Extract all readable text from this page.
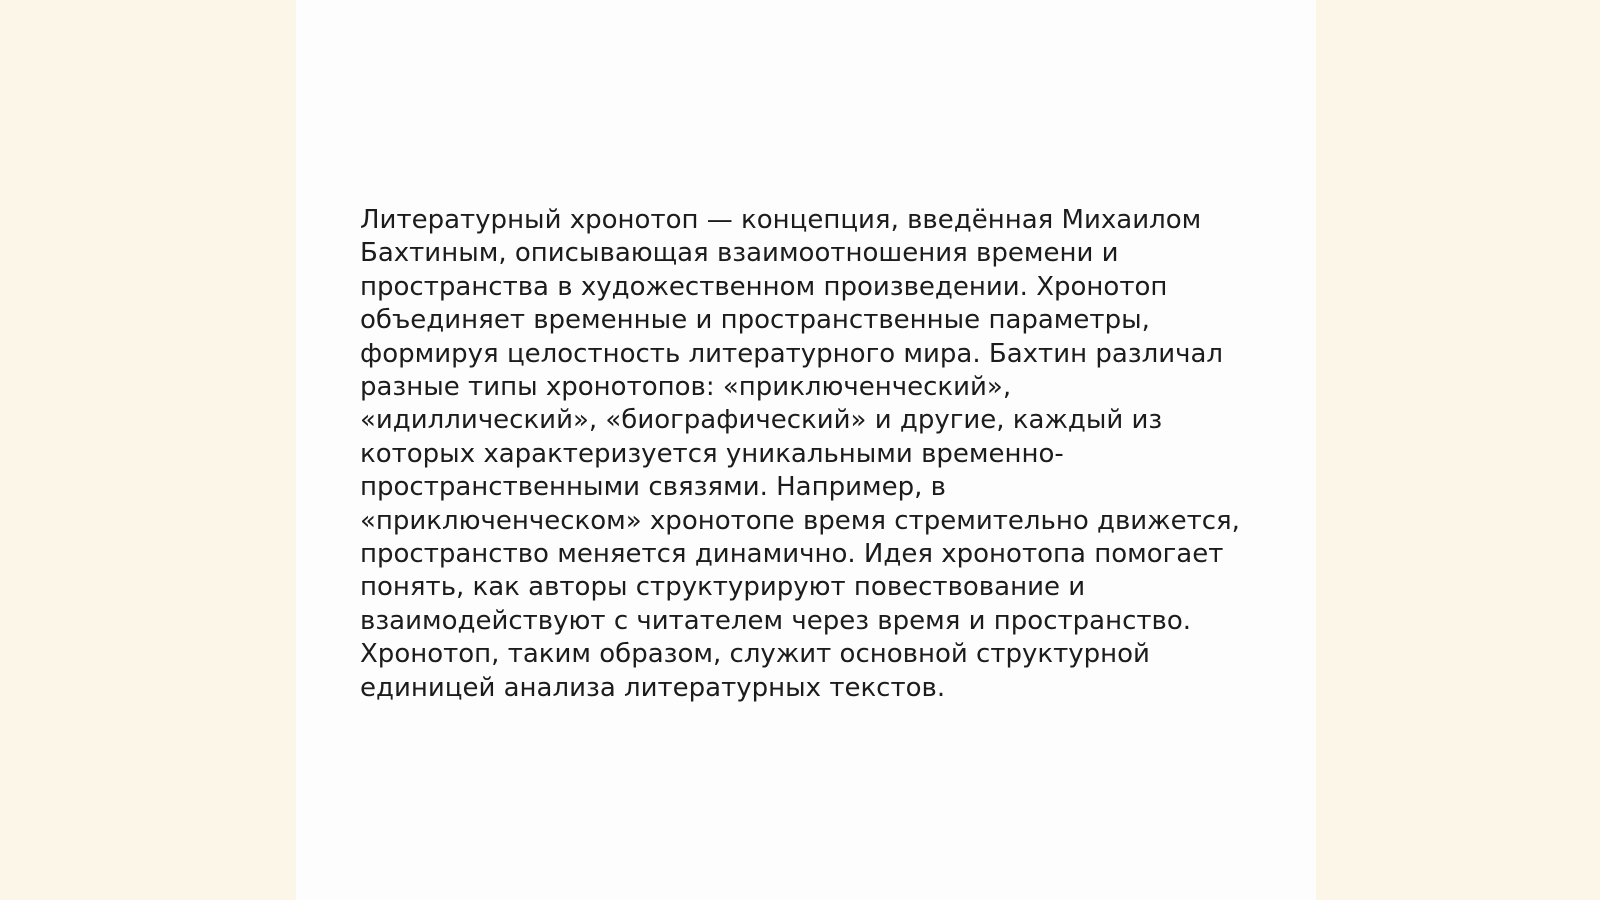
Литературный хронотоп — концепция, введённая Михаилом
Бахтиным, описывающая взаимоотношения времени и
пространства в художественном произведении. Хронотоп
объединяет временные и пространственные параметры,
формируя целостность литературного мира. Бахтин различал
разные типы хронотопов: «приключенческий»,
«идиллический», «биографический» и другие, каждый из
которых характеризуется уникальными временно-
пространственными связями. Например, в
«приключенческом» хронотопе время стремительно движется,
пространство меняется динамично. Идея хронотопа помогает
понять, как авторы структурируют повествование и
взаимодействуют с читателем через время и пространство.
Хронотоп, таким образом, служит основной структурной
единицей анализа литературных текстов.
